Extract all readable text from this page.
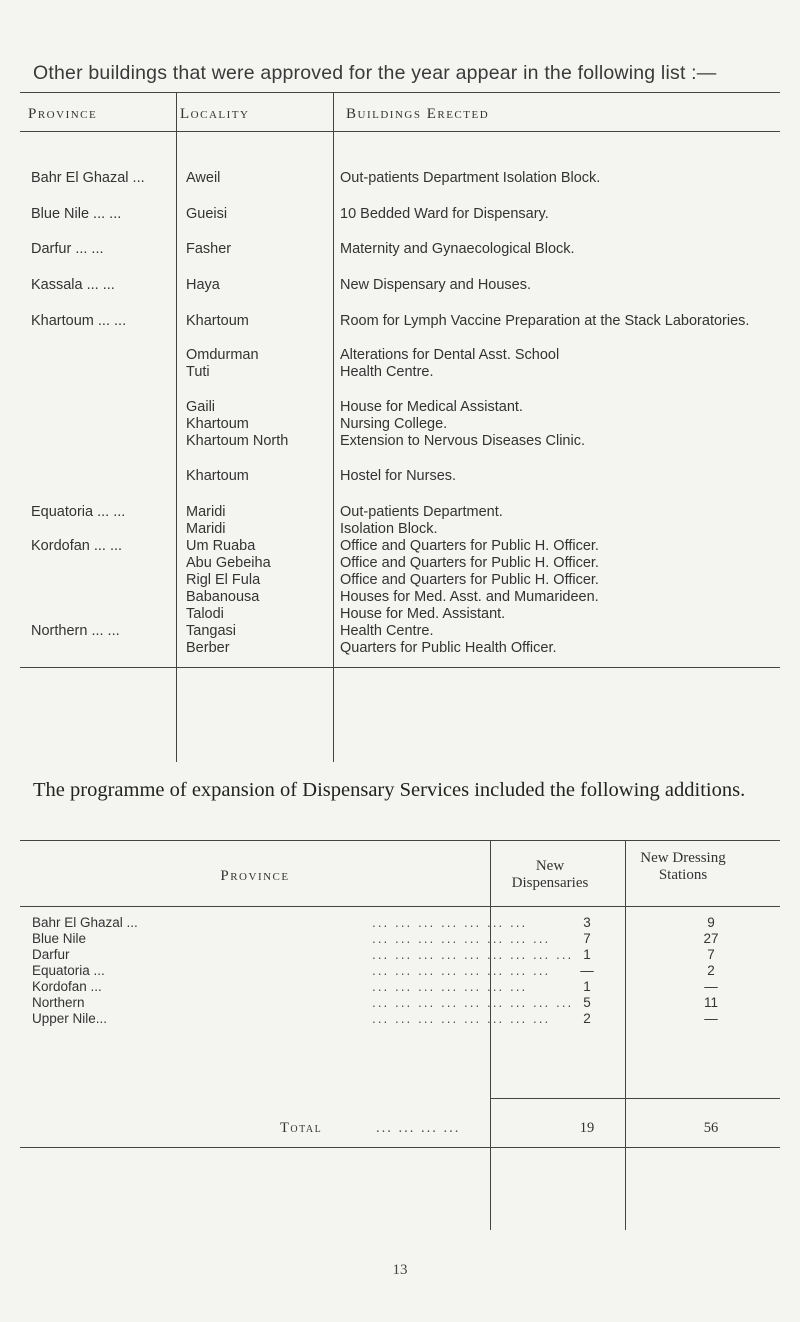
Other buildings that were approved for the year appear in the following list :—
Province	Locality	Buildings Erected
Bahr El Ghazal ...	Aweil	Out-patients Department Isolation Block.
Blue Nile ... ...	Gueisi	10 Bedded Ward for Dispensary.
Darfur ... ...	Fasher	Maternity and Gynaecological Block.
Kassala ... ...	Haya	New Dispensary and Houses.
Khartoum ... ...	Khartoum	Room for Lymph Vaccine Preparation at the Stack Laboratories.
Omdurman	Alterations for Dental Asst. School
Tuti	Health Centre.
Gaili	House for Medical Assistant.
Khartoum	Nursing College.
Khartoum North	Extension to Nervous Diseases Clinic.
Khartoum	Hostel for Nurses.
Equatoria ... ...	Maridi	Out-patients Department.
Maridi	Isolation Block.
Kordofan ... ...	Um Ruaba	Office and Quarters for Public H. Officer.
Abu Gebeiha	Office and Quarters for Public H. Officer.
Rigl El Fula	Office and Quarters for Public H. Officer.
Babanousa	Houses for Med. Asst. and Mumarideen.
Talodi	House for Med. Assistant.
Northern ... ...	Tangasi	Health Centre.
Berber	Quarters for Public Health Officer.
The programme of expansion of Dispensary Services included the following additions.
Province
New Dispensaries
New Dressing Stations
Bahr El Ghazal ...	... ... ... ... ... ... ...	3	9
Blue Nile	... ... ... ... ... ... ... ...	7	27
Darfur	... ... ... ... ... ... ... ... ... 1	7
Equatoria ...	... ... ... ... ... ... ... ...	—	2
Kordofan ...	... ... ... ... ... ... ...	1	—
Northern	... ... ... ... ... ... ... ... ... 5	11
Upper Nile...	... ... ... ... ... ... ... ...	2	—
Total	... ... ... ...	19	56
13
